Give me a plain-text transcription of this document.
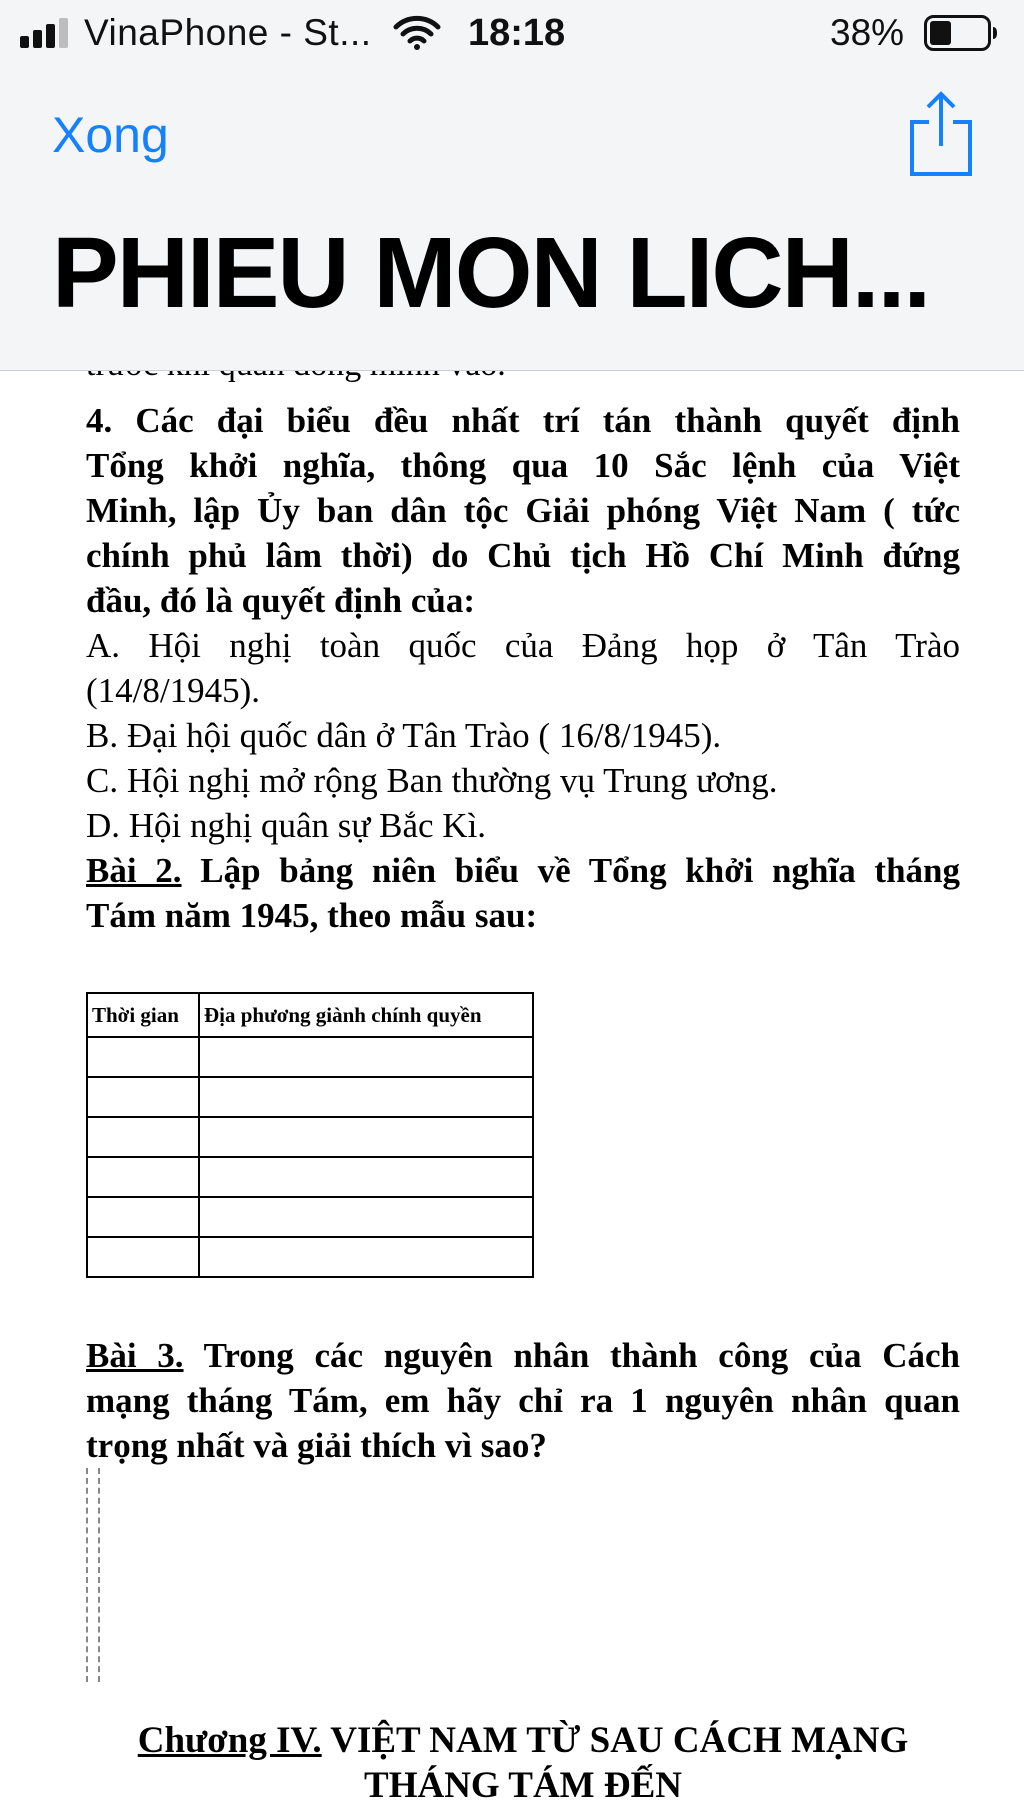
VinaPhone - St...	18:18	38%
Xong
PHIEU MON LICH...
4. Các đại biểu đều nhất trí tán thành quyết định
Tổng khởi nghĩa, thông qua 10 Sắc lệnh của Việt
Minh, lập Ủy ban dân tộc Giải phóng Việt Nam ( tức
chính phủ lâm thời) do Chủ tịch Hồ Chí Minh đứng
đầu, đó là quyết định của:
A. Hội nghị toàn quốc của Đảng họp ở Tân Trào
(14/8/1945).
B. Đại hội quốc dân ở Tân Trào ( 16/8/1945).
C. Hội nghị mở rộng Ban thường vụ Trung ương.
D. Hội nghị quân sự Bắc Kì.
Bài 2. Lập bảng niên biểu về Tổng khởi nghĩa tháng
Tám năm 1945, theo mẫu sau:
Thời gian	Địa phương giành chính quyền

Bài 3. Trong các nguyên nhân thành công của Cách
mạng tháng Tám, em hãy chỉ ra 1 nguyên nhân quan
trọng nhất và giải thích vì sao?
Chương IV. VIỆT NAM TỪ SAU CÁCH MẠNG
THÁNG TÁM ĐẾN
